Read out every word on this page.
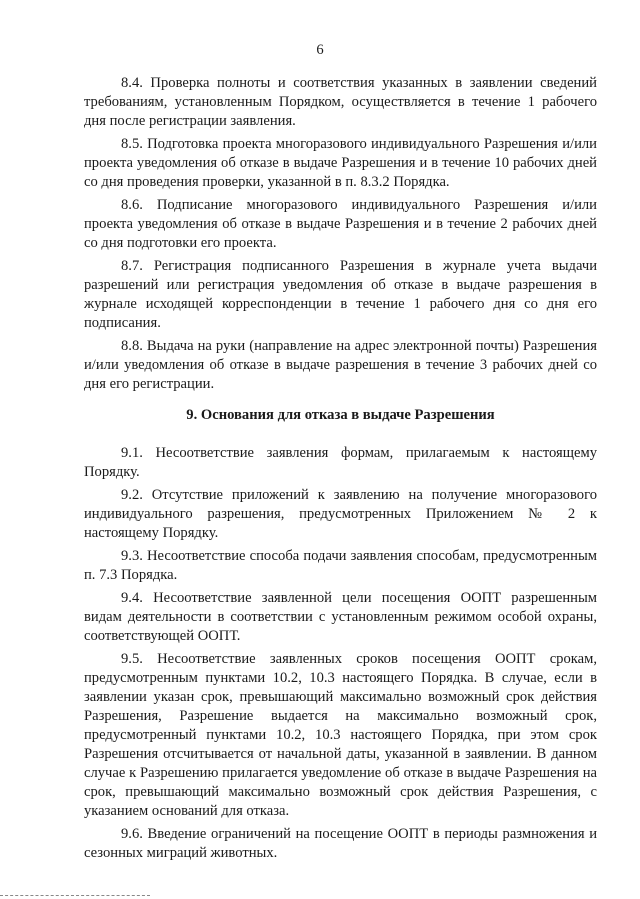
6

8.4. Проверка полноты и соответствия указанных в заявлении сведений требованиям, установленным Порядком, осуществляется в течение 1 рабочего дня после регистрации заявления.

8.5. Подготовка проекта многоразового индивидуального Разрешения и/или проекта уведомления об отказе в выдаче Разрешения и в течение 10 рабочих дней со дня проведения проверки, указанной в п. 8.3.2 Порядка.

8.6. Подписание многоразового индивидуального Разрешения и/или проекта уведомления об отказе в выдаче Разрешения и в течение 2 рабочих дней со дня подготовки его проекта.

8.7. Регистрация подписанного Разрешения в журнале учета выдачи разрешений или регистрация уведомления об отказе в выдаче разрешения в журнале исходящей корреспонденции в течение 1 рабочего дня со дня его подписания.

8.8. Выдача на руки (направление на адрес электронной почты) Разрешения и/или уведомления об отказе в выдаче разрешения в течение 3 рабочих дней со дня его регистрации.

9. Основания для отказа в выдаче Разрешения

9.1. Несоответствие заявления формам, прилагаемым к настоящему Порядку.

9.2. Отсутствие приложений к заявлению на получение многоразового индивидуального разрешения, предусмотренных Приложением № 2 к настоящему Порядку.

9.3. Несоответствие способа подачи заявления способам, предусмотренным п. 7.3 Порядка.

9.4. Несоответствие заявленной цели посещения ООПТ разрешенным видам деятельности в соответствии с установленным режимом особой охраны, соответствующей ООПТ.

9.5. Несоответствие заявленных сроков посещения ООПТ срокам, предусмотренным пунктами 10.2, 10.3 настоящего Порядка. В случае, если в заявлении указан срок, превышающий максимально возможный срок действия Разрешения, Разрешение выдается на максимально возможный срок, предусмотренный пунктами 10.2, 10.3 настоящего Порядка, при этом срок Разрешения отсчитывается от начальной даты, указанной в заявлении. В данном случае к Разрешению прилагается уведомление об отказе в выдаче Разрешения на срок, превышающий максимально возможный срок действия Разрешения, с указанием оснований для отказа.

9.6. Введение ограничений на посещение ООПТ в периоды размножения и сезонных миграций животных.
